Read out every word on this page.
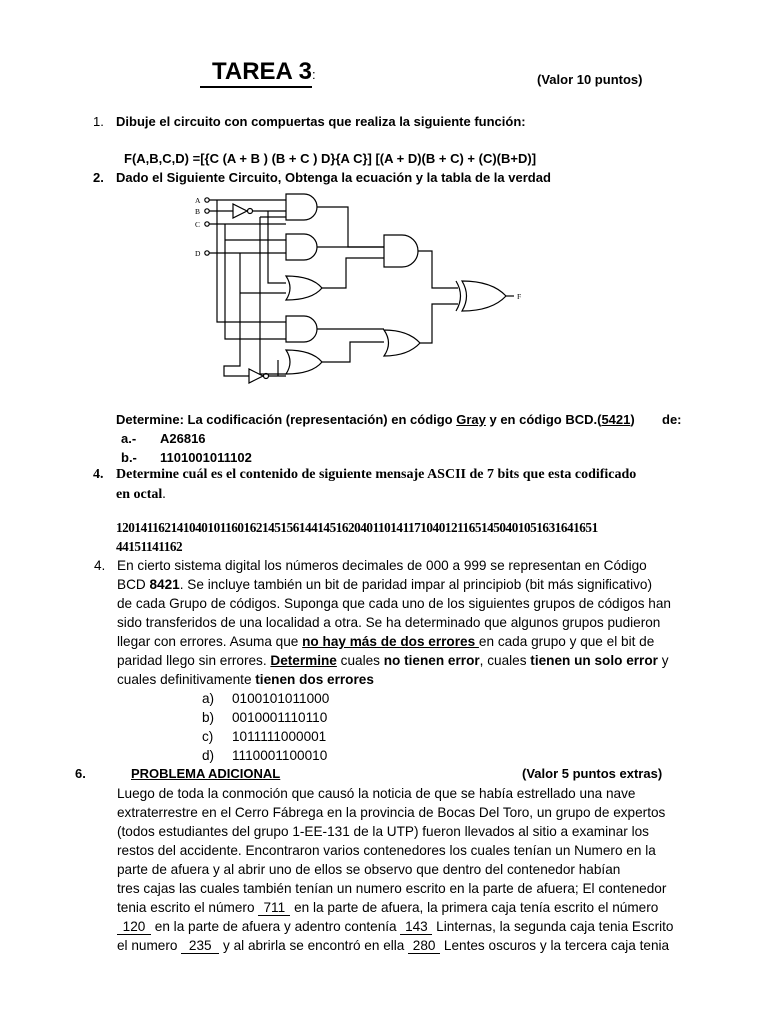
TAREA 3:	(Valor 10 puntos)
1. Dibuje el circuito con compuertas que realiza la siguiente función:
F(A,B,C,D) =[{C (A + B ) (B + C ) D}{A C}] [(A + D)(B + C) + (C)(B+D)]
2. Dado el Siguiente Circuito, Obtenga la ecuación y la tabla de la verdad
A
B
C
D
F
Determine: La codificación (representación) en código Gray y en código BCD.(5421) de:
a.- A26816
b.- 1101001011102
4. Determine cuál es el contenido de siguiente mensaje ASCII de 7 bits que esta codificado
en octal.
1201411621410401011601621451561441451620401101411710401211651450401051631641651
44151141162
4. En cierto sistema digital los números decimales de 000 a 999 se representan en Código
BCD 8421. Se incluye también un bit de paridad impar al principiob (bit más significativo)
de cada Grupo de códigos. Suponga que cada uno de los siguientes grupos de códigos han
sido transferidos de una localidad a otra. Se ha determinado que algunos grupos pudieron
llegar con errores. Asuma que no hay más de dos errores en cada grupo y que el bit de
paridad llego sin errores. Determine cuales no tienen error, cuales tienen un solo error y
cuales definitivamente tienen dos errores
a) 0100101011000
b) 0010001110110
c) 1011111000001
d) 1110001100010
6.	PROBLEMA ADICIONAL	(Valor 5 puntos extras)
Luego de toda la conmoción que causó la noticia de que se había estrellado una nave
extraterrestre en el Cerro Fábrega en la provincia de Bocas Del Toro, un grupo de expertos
(todos estudiantes del grupo 1-EE-131 de la UTP) fueron llevados al sitio a examinar los
restos del accidente. Encontraron varios contenedores los cuales tenían un Numero en la
parte de afuera y al abrir uno de ellos se observo que dentro del contenedor habían
tres cajas las cuales también tenían un numero escrito en la parte de afuera; El contenedor
tenia escrito el número 711 en la parte de afuera, la primera caja tenía escrito el número
120 en la parte de afuera y adentro contenía 143 Linternas, la segunda caja tenia Escrito
el numero 235 y al abrirla se encontró en ella 280 Lentes oscuros y la tercera caja tenia
